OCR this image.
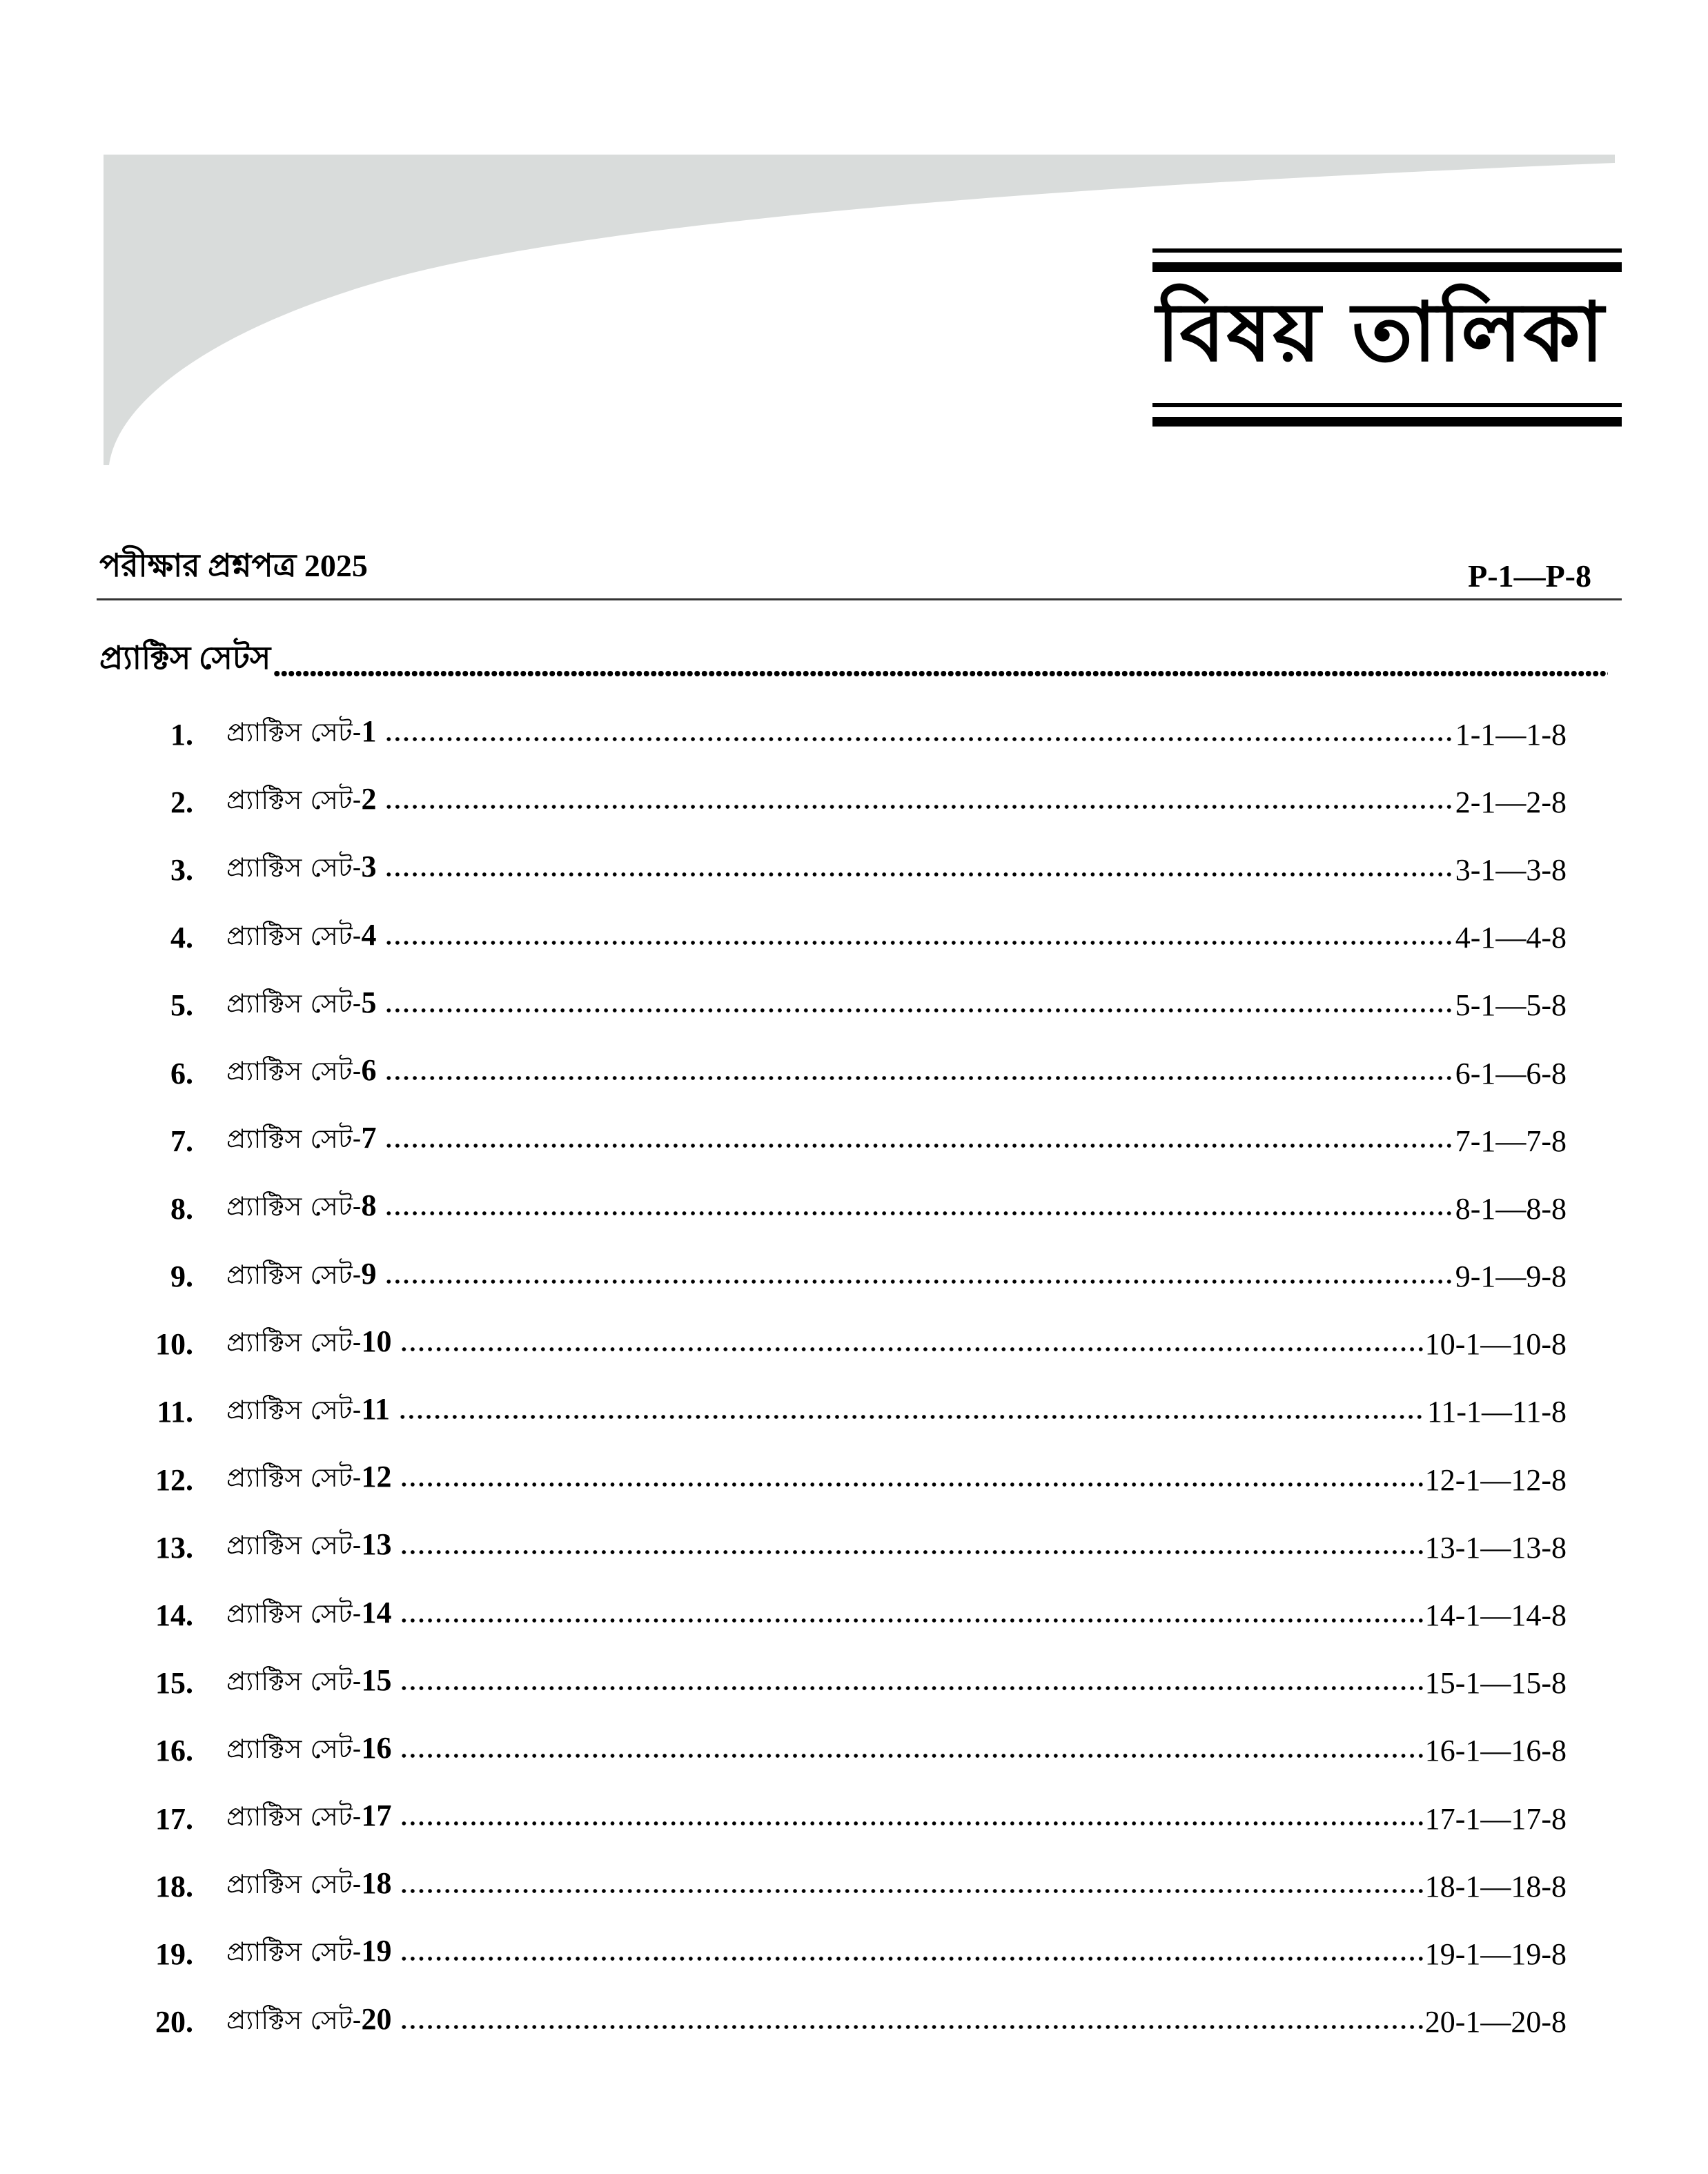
বিষয় তালিকা
পরীক্ষার প্রশ্নপত্র 2025	P-1—P-8
প্র্যাক্টিস সেটস
1. প্র্যাক্টিস সেট-1	1-1—1-8
2. প্র্যাক্টিস সেট-2	2-1—2-8
3. প্র্যাক্টিস সেট-3	3-1—3-8
4. প্র্যাক্টিস সেট-4	4-1—4-8
5. প্র্যাক্টিস সেট-5	5-1—5-8
6. প্র্যাক্টিস সেট-6	6-1—6-8
7. প্র্যাক্টিস সেট-7	7-1—7-8
8. প্র্যাক্টিস সেট-8	8-1—8-8
9. প্র্যাক্টিস সেট-9	9-1—9-8
10. প্র্যাক্টিস সেট-10	10-1—10-8
11. প্র্যাক্টিস সেট-11	11-1—11-8
12. প্র্যাক্টিস সেট-12	12-1—12-8
13. প্র্যাক্টিস সেট-13	13-1—13-8
14. প্র্যাক্টিস সেট-14	14-1—14-8
15. প্র্যাক্টিস সেট-15	15-1—15-8
16. প্র্যাক্টিস সেট-16	16-1—16-8
17. প্র্যাক্টিস সেট-17	17-1—17-8
18. প্র্যাক্টিস সেট-18	18-1—18-8
19. প্র্যাক্টিস সেট-19	19-1—19-8
20. প্র্যাক্টিস সেট-20	20-1—20-8
